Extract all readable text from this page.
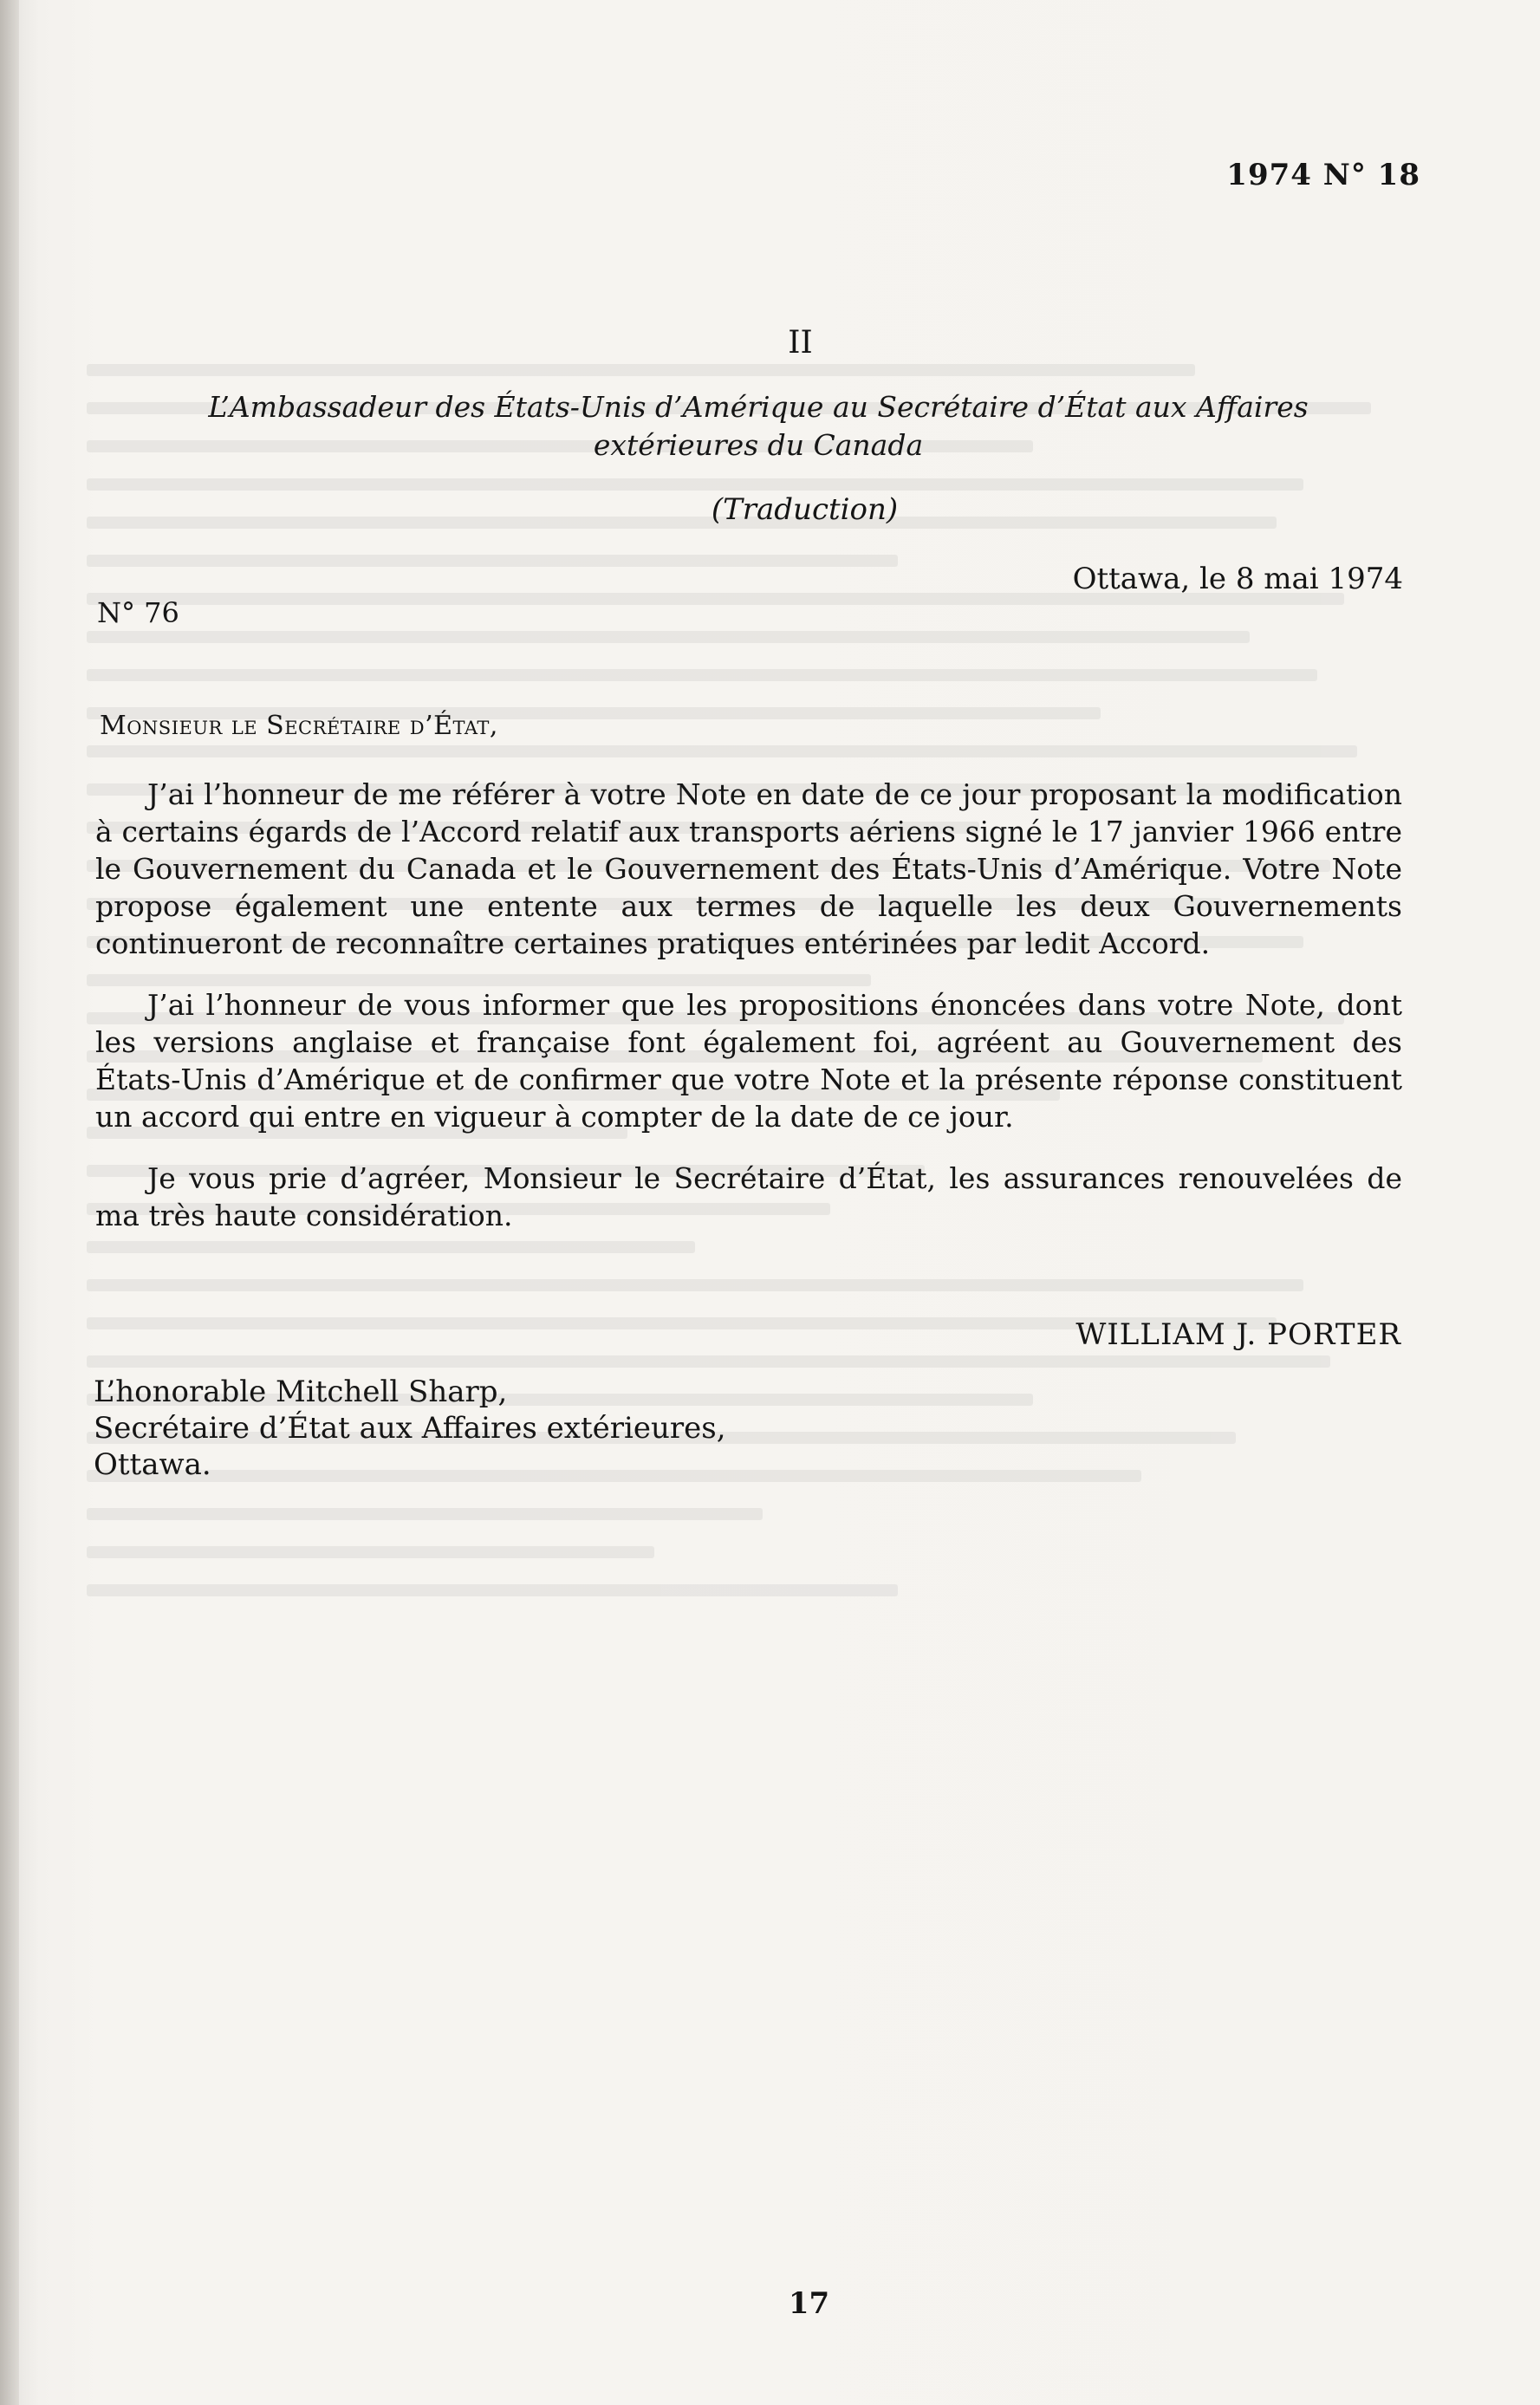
1974 N° 18
II
L’Ambassadeur des États-Unis d’Amérique au Secrétaire d’État aux Affaires
extérieures du Canada
(Traduction)
Ottawa, le 8 mai 1974
N° 76
Monsieur le Secrétaire d’État,

J’ai l’honneur de me référer à votre Note en date de ce jour proposant la modification à certains égards de l’Accord relatif aux transports aériens signé le 17 janvier 1966 entre le Gouvernement du Canada et le Gouvernement des États-Unis d’Amérique. Votre Note propose également une entente aux termes de laquelle les deux Gouvernements continueront de reconnaître certaines pratiques entérinées par ledit Accord.

J’ai l’honneur de vous informer que les propositions énoncées dans votre Note, dont les versions anglaise et française font également foi, agréent au Gouvernement des États-Unis d’Amérique et de confirmer que votre Note et la présente réponse constituent un accord qui entre en vigueur à compter de la date de ce jour.

Je vous prie d’agréer, Monsieur le Secrétaire d’État, les assurances renouvelées de ma très haute considération.

WILLIAM J. PORTER
L’honorable Mitchell Sharp,
Secrétaire d’État aux Affaires extérieures,
Ottawa.
17
